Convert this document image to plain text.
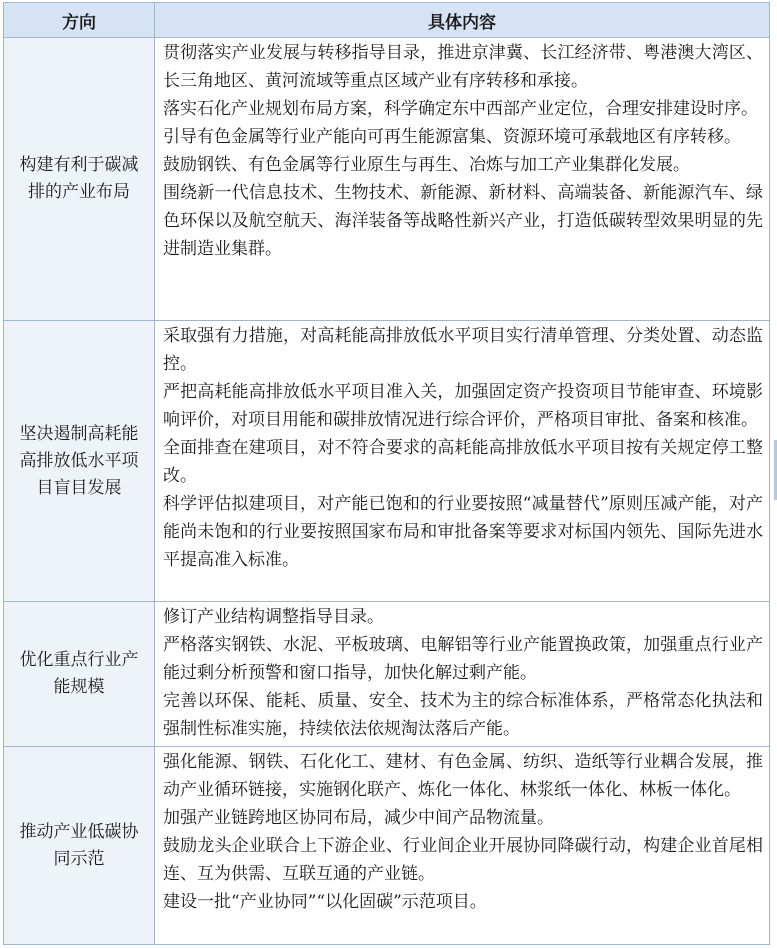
方向	具体内容
构建有利于碳减排的产业布局	贯彻落实产业发展与转移指导目录，推进京津冀、长江经济带、粤港澳大湾区、长三角地区、黄河流域等重点区域产业有序转移和承接。

落实石化产业规划布局方案，科学确定东中西部产业定位，合理安排建设时序。

引导有色金属等行业产能向可再生能源富集、资源环境可承载地区有序转移。

鼓励钢铁、有色金属等行业原生与再生、冶炼与加工产业集群化发展。

围绕新一代信息技术、生物技术、新能源、新材料、高端装备、新能源汽车、绿色环保以及航空航天、海洋装备等战略性新兴产业，打造低碳转型效果明显的先进制造业集群。

坚决遏制高耗能高排放低水平项目盲目发展	采取强有力措施，对高耗能高排放低水平项目实行清单管理、分类处置、动态监控。

严把高耗能高排放低水平项目准入关，加强固定资产投资项目节能审查、环境影响评价，对项目用能和碳排放情况进行综合评价，严格项目审批、备案和核准。

全面排查在建项目，对不符合要求的高耗能高排放低水平项目按有关规定停工整改。

科学评估拟建项目，对产能已饱和的行业要按照“减量替代”原则压减产能，对产能尚未饱和的行业要按照国家布局和审批备案等要求对标国内领先、国际先进水平提高准入标准。

优化重点行业产能规模	修订产业结构调整指导目录。

严格落实钢铁、水泥、平板玻璃、电解铝等行业产能置换政策，加强重点行业产能过剩分析预警和窗口指导，加快化解过剩产能。

完善以环保、能耗、质量、安全、技术为主的综合标准体系，严格常态化执法和强制性标准实施，持续依法依规淘汰落后产能。

推动产业低碳协同示范	强化能源、钢铁、石化化工、建材、有色金属、纺织、造纸等行业耦合发展，推动产业循环链接，实施钢化联产、炼化一体化、林浆纸一体化、林板一体化。

加强产业链跨地区协同布局，减少中间产品物流量。

鼓励龙头企业联合上下游企业、行业间企业开展协同降碳行动，构建企业首尾相连、互为供需、互联互通的产业链。

建设一批“产业协同”“以化固碳”示范项目。
